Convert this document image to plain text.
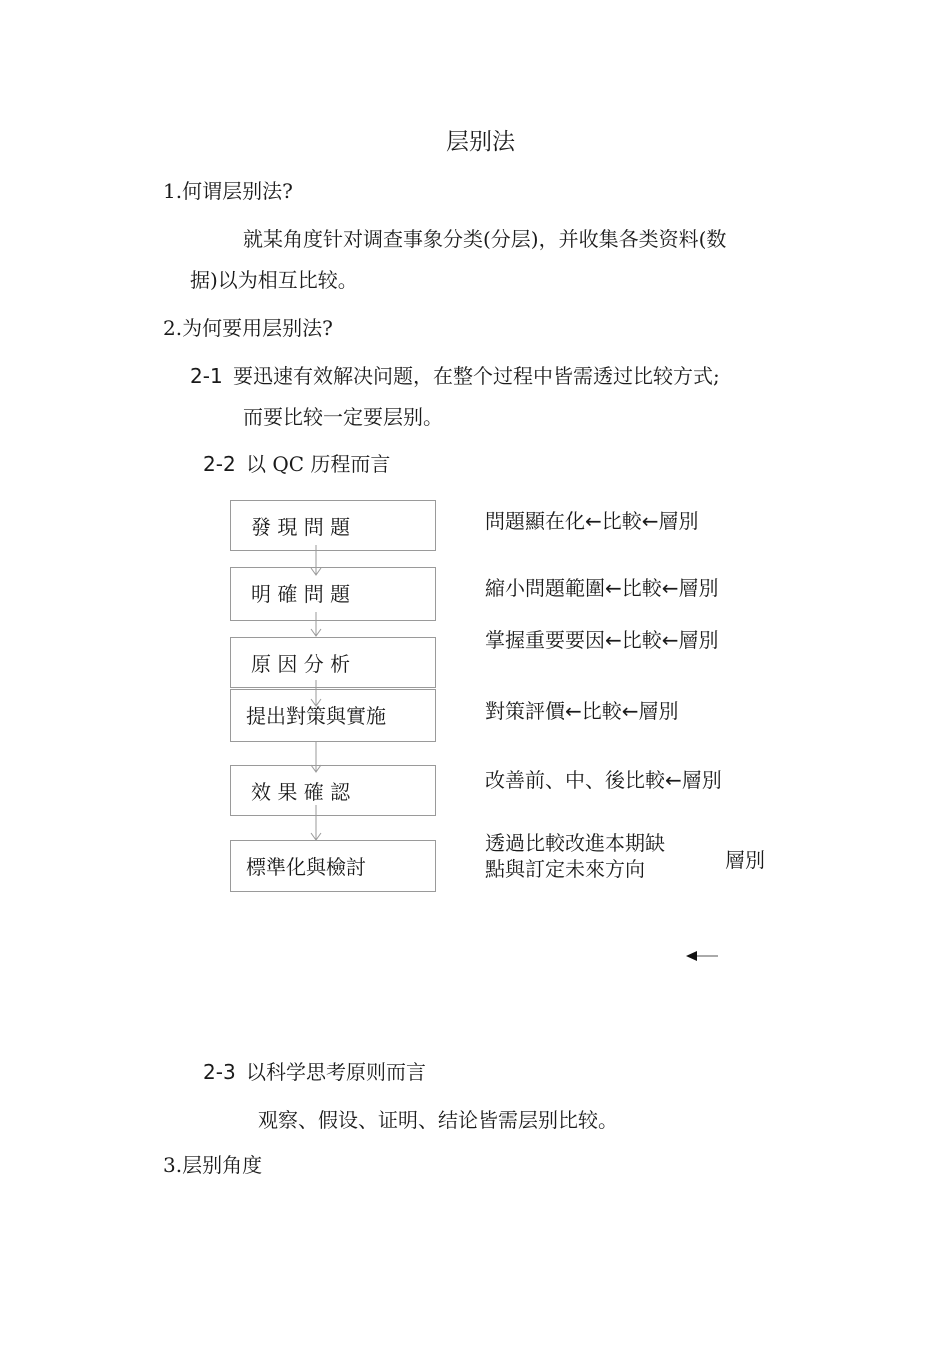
层别法
1.何谓层别法?
就某角度针对调查事象分类(分层)，并收集各类资料(数
据)以为相互比较。
2.为何要用层别法?
2-1 要迅速有效解决问题，在整个过程中皆需透过比较方式;
而要比较一定要层别。
2-2 以 QC 历程而言
發 現 問 題
明 確 問 題
原 因 分 析
提出對策與實施
效 果 確 認
標準化與檢討
問題顯在化←比較←層別
縮小問題範圍←比較←層別
掌握重要要因←比較←層別
對策評價←比較←層別
改善前、中、後比較←層別
透過比較改進本期缺
點與訂定未來方向	層別
2-3 以科学思考原则而言
观察、假设、证明、结论皆需层别比较。
3.层别角度
